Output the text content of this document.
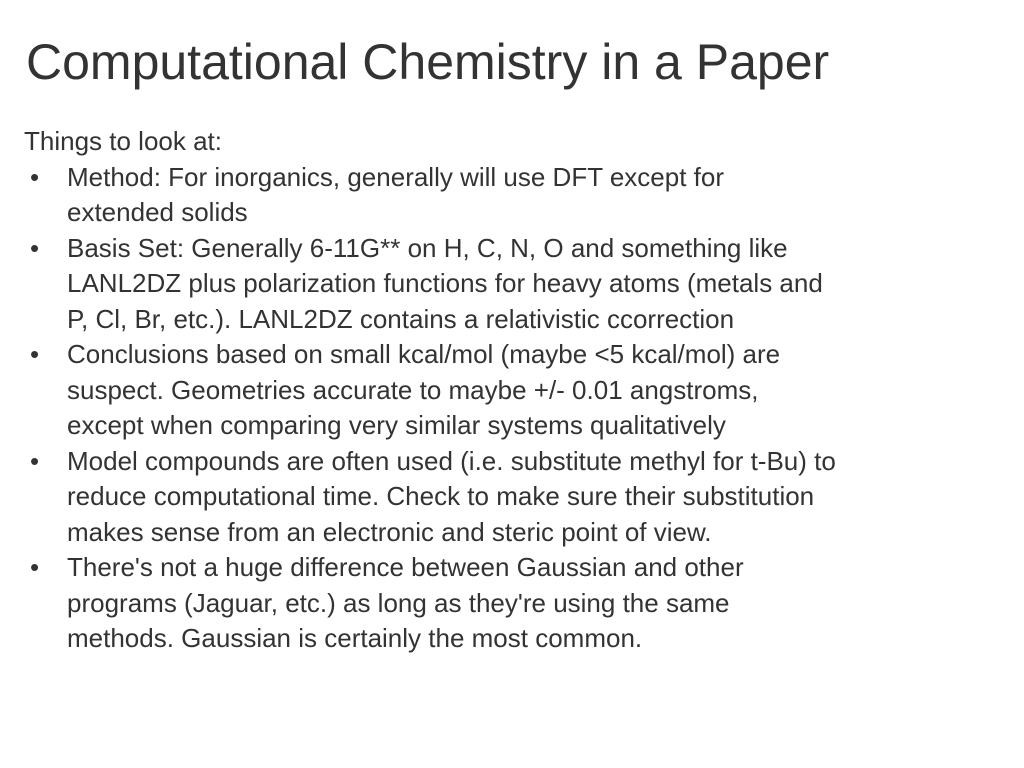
Computational Chemistry in a Paper

Things to look at:

• Method: For inorganics, generally will use DFT except for
extended solids
• Basis Set: Generally 6-11G** on H, C, N, O and something like
LANL2DZ plus polarization functions for heavy atoms (metals and
P, Cl, Br, etc.). LANL2DZ contains a relativistic ccorrection
• Conclusions based on small kcal/mol (maybe <5 kcal/mol) are
suspect. Geometries accurate to maybe +/- 0.01 angstroms,
except when comparing very similar systems qualitatively
• Model compounds are often used (i.e. substitute methyl for t-Bu) to
reduce computational time. Check to make sure their substitution
makes sense from an electronic and steric point of view.
• There's not a huge difference between Gaussian and other
programs (Jaguar, etc.) as long as they're using the same
methods. Gaussian is certainly the most common.
